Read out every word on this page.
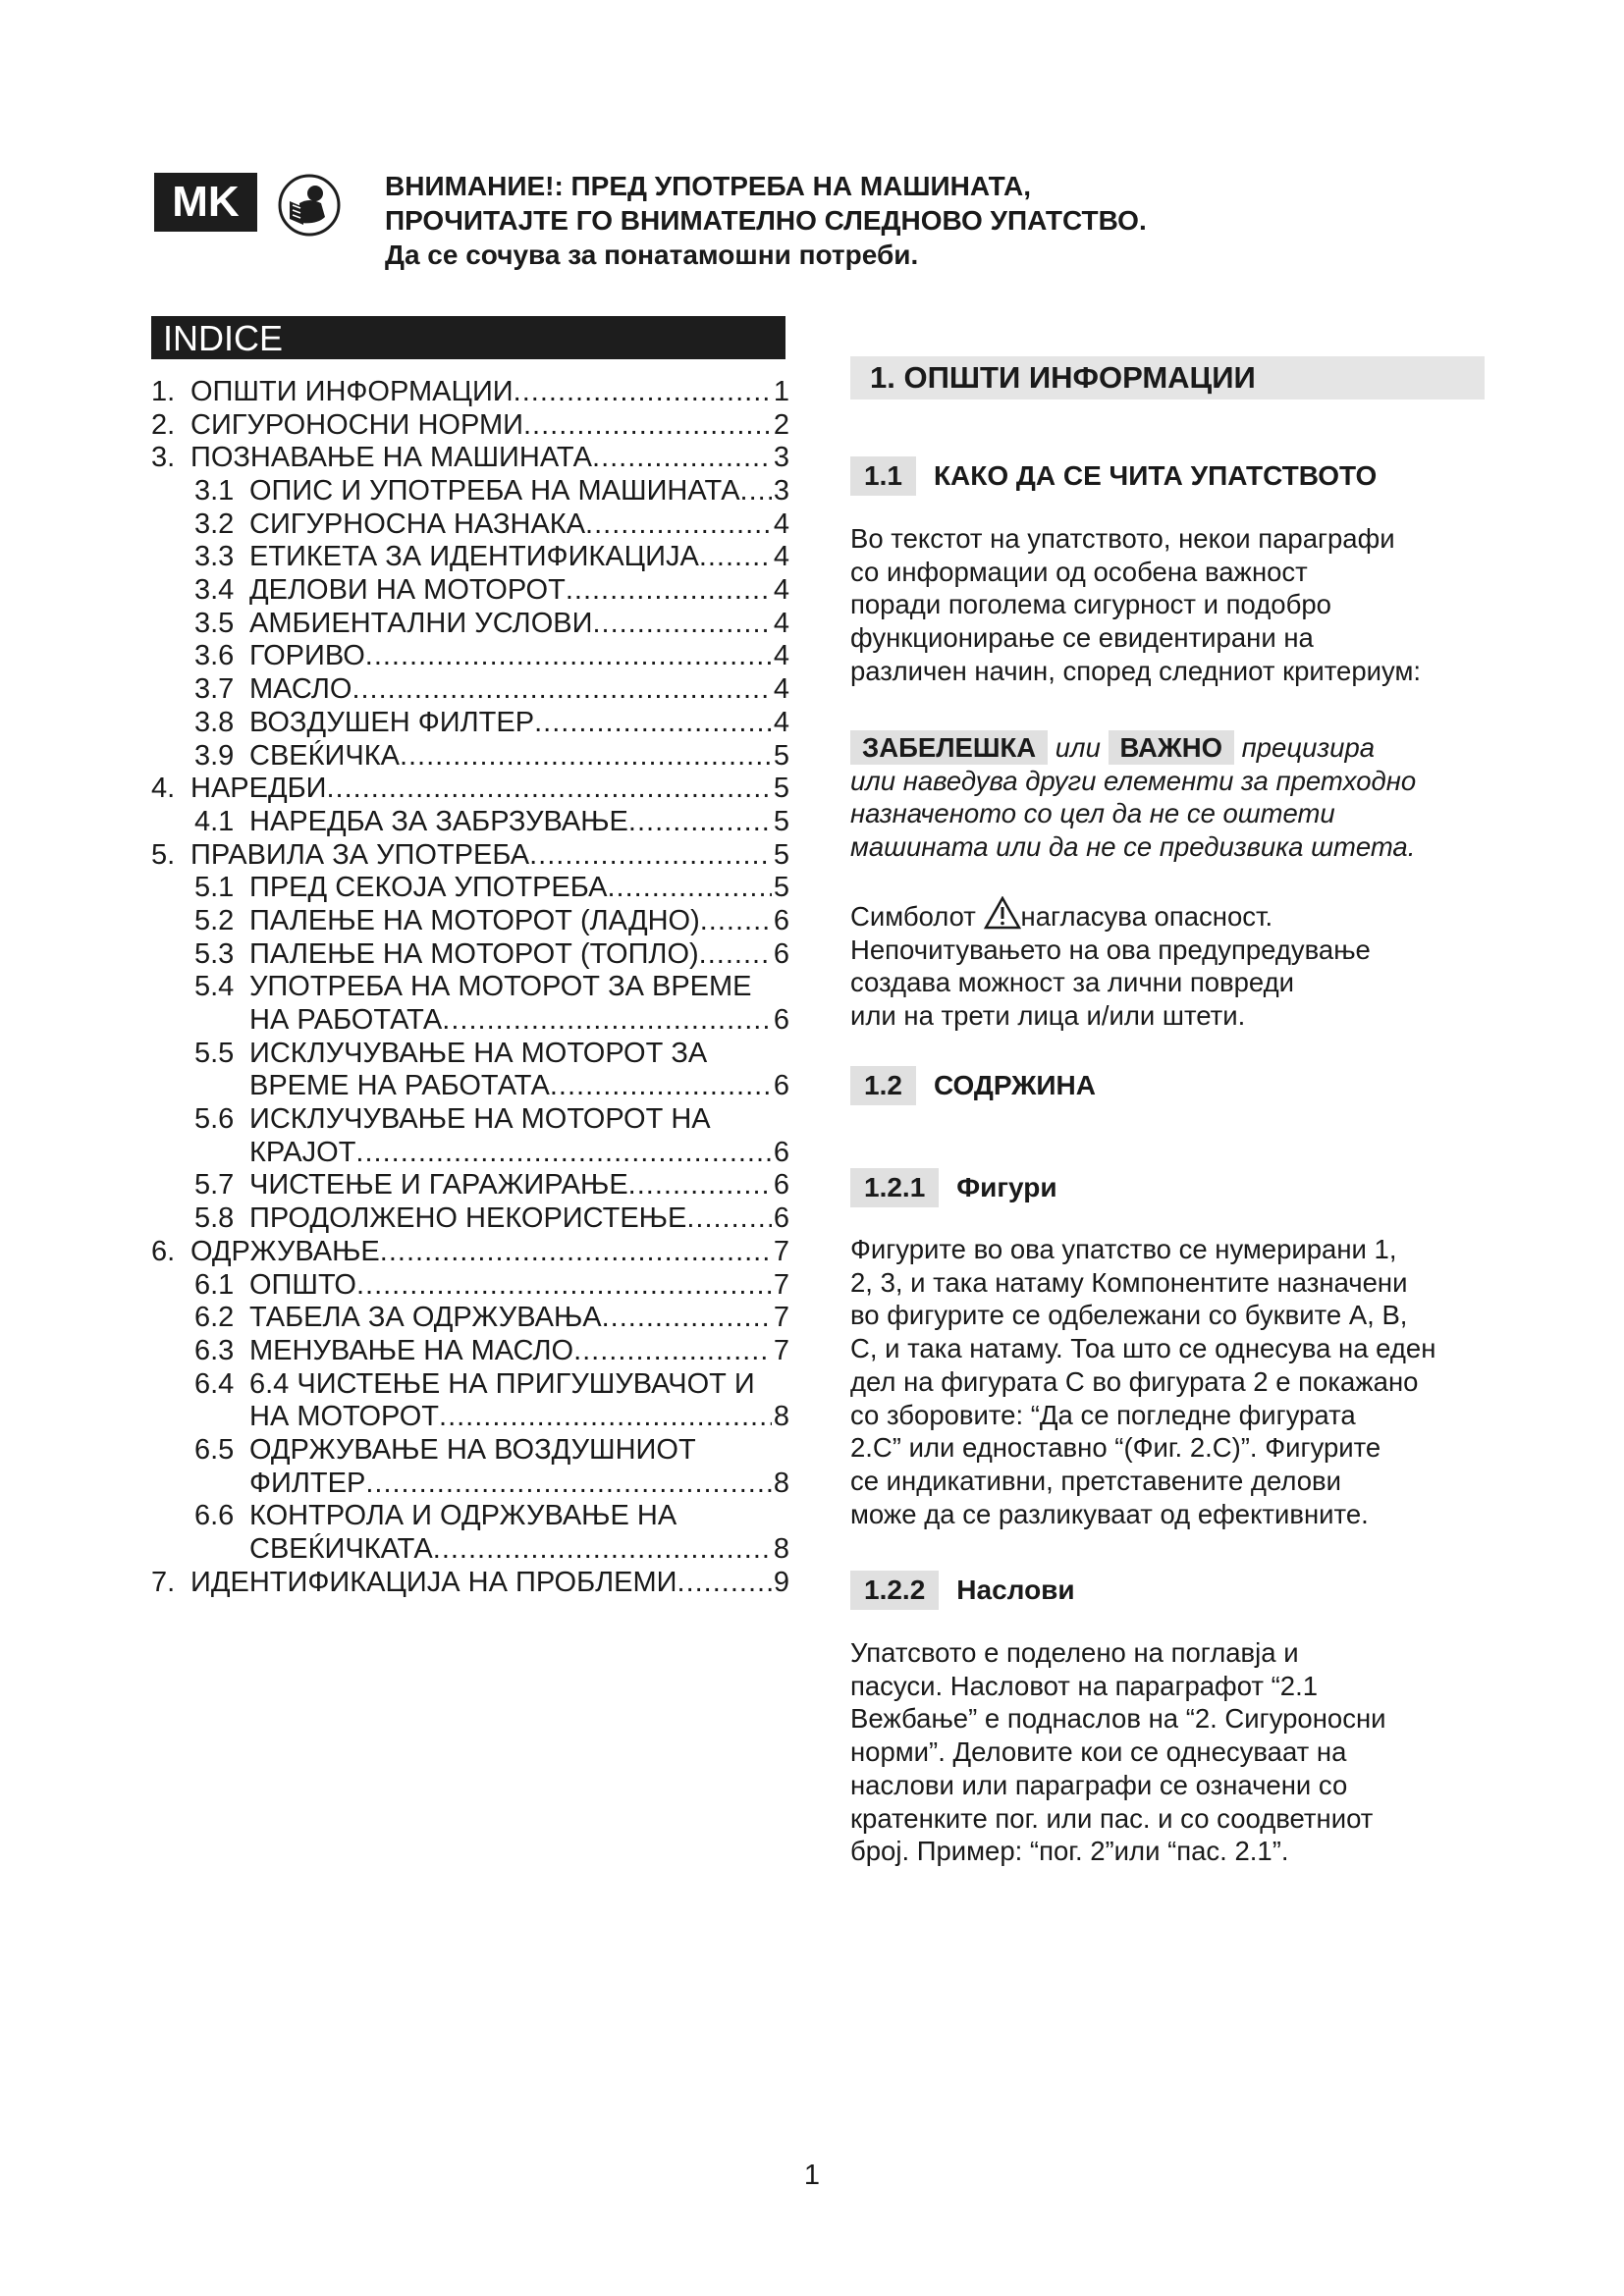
MK	ВНИМАНИЕ!: ПРЕД УПОТРЕБА НА МАШИНАТА,
ПРОЧИТАЈТЕ ГО ВНИМАТЕЛНО СЛЕДНОВО УПАТСТВО.
Да се сочува за понатамошни потреби.
INDICE
1. ОПШТИ ИНФОРМАЦИИ .....	1
2. СИГУРОНОСНИ НОРМИ .....	2
3. ПОЗНАВАЊЕ НА МАШИНАТА .....	3
3.1 ОПИС И УПОТРЕБА НА МАШИНАТА ..... 3
3.2 СИГУРНОСНА НАЗНАКА .....	4
3.3 ЕТИКЕТА ЗА ИДЕНТИФИКАЦИЈА .....	4
3.4 ДЕЛОВИ НА МОТОРОТ .....	4
3.5 АМБИЕНТАЛНИ УСЛОВИ .....	4
3.6 ГОРИВО .....	4
3.7 МАСЛО .....	4
3.8 ВОЗДУШЕН ФИЛТЕР .....	4
3.9 СВЕЌИЧКА .....	5
4. НАРЕДБИ .....	5
4.1 НАРЕДБА ЗА ЗАБРЗУВАЊЕ .....	5
5. ПРАВИЛА ЗА УПОТРЕБА .....	5
5.1 ПРЕД СЕКОЈА УПОТРЕБА .....	5
5.2 ПАЛЕЊЕ НА МОТОРОТ (ЛАДНО) .....	6
5.3 ПАЛЕЊЕ НА МОТОРОТ (ТОПЛО) .....	6
5.4 УПОТРЕБА НА МОТОРОТ ЗА ВРЕМЕ
НА РАБОТАТА .....	6
5.5 ИСКЛУЧУВАЊЕ НА МОТОРОТ ЗА
ВРЕМЕ НА РАБОТАТА .....	6
5.6 ИСКЛУЧУВАЊЕ НА МОТОРОТ НА
КРАЈОТ .....	6
5.7 ЧИСТЕЊЕ И ГАРАЖИРАЊЕ .....	6
5.8 ПРОДОЛЖЕНО НЕКОРИСТЕЊЕ .....	6
6. ОДРЖУВАЊЕ .....	7
6.1 ОПШТО .....	7
6.2 ТАБЕЛА ЗА ОДРЖУВАЊА .....	7
6.3 МЕНУВАЊЕ НА МАСЛО .....	7
6.4 6.4 ЧИСТЕЊЕ НА ПРИГУШУВАЧОТ И
НА МОТОРОТ .....	8
6.5 ОДРЖУВАЊЕ НА ВОЗДУШНИОТ
ФИЛТЕР .....	8
6.6 КОНТРОЛА И ОДРЖУВАЊЕ НА
СВЕЌИЧКАТА .....	8
7. ИДЕНТИФИКАЦИЈА НА ПРОБЛЕМИ .....	9
1. ОПШТИ ИНФОРМАЦИИ
1.1	КАКО ДА СЕ ЧИТА УПАТСТВОТО
Во текстот на упатството, некои параграфи
со информации од особена важност
поради поголема сигурност и подобро
функционирање се евидентирани на
различен начин, според следниот критериум:
ЗАБЕЛЕШКА или ВАЖНО прецизира
или наведува други елементи за претходно
назначеното со цел да не се оштети
машината или да не се предизвика штета.
Симболот нагласува опасност.
Непочитувањето на ова предупредување
создава можност за лични повреди
или на трети лица и/или штети.
1.2	СОДРЖИНА
1.2.1	Фигури
Фигурите во ова упатство се нумерирани 1,
2, 3, и така натаму Компонентите назначени
во фигурите се одбележани со буквите A, B,
C, и така натаму. Тоа што се однесува на еден
дел на фигурата C во фигурата 2 е покажано
со зборовите: “Да се погледне фигурата
2.C” или едноставно “(Фиг. 2.C)”. Фигурите
се индикативни, претставените делови
може да се разликуваат од ефективните.
1.2.2	Наслови
Упатсвото е поделено на поглавја и
пасуси. Насловот на параграфот “2.1
Вежбање” е поднаслов на “2. Сигуроносни
норми”. Деловите кои се однесуваат на
наслови или параграфи се означени со
кратенките пог. или пас. и со соодветниот
број. Пример: “пог. 2”или “пас. 2.1”.
1
